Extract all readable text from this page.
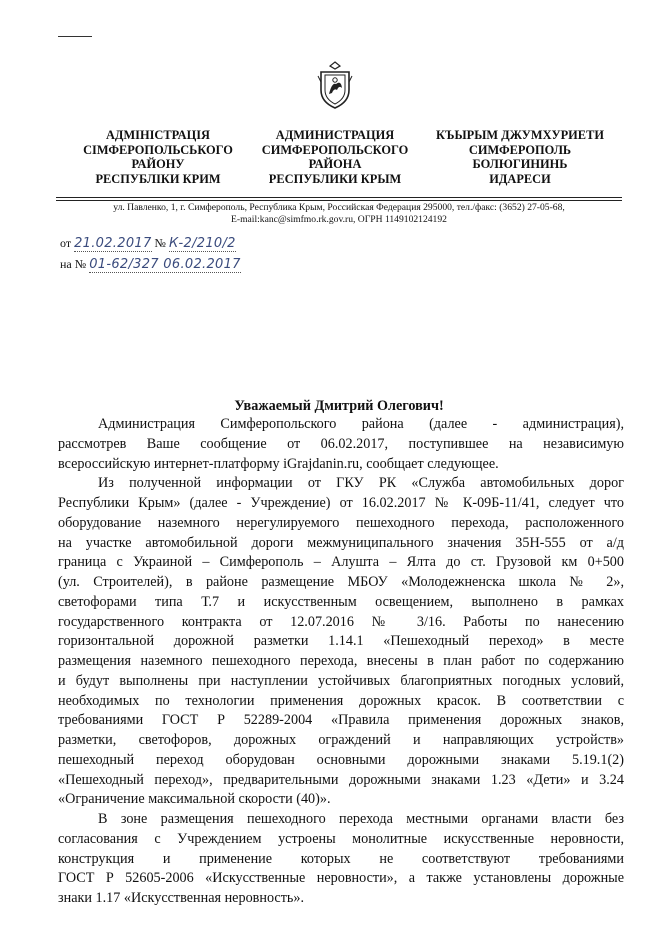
АДМІНІСТРАЦІЯ
СІМФЕРОПОЛЬСЬКОГО
РАЙОНУ
РЕСПУБЛІКИ КРИМ
АДМИНИСТРАЦИЯ
СИМФЕРОПОЛЬСКОГО
РАЙОНА
РЕСПУБЛИКИ КРЫМ
КЪЫРЫМ ДЖУМХУРИЕТИ
СИМФЕРОПОЛЬ
БОЛЮГИНИНЬ
ИДАРЕСИ
ул. Павленко, 1, г. Симферополь, Республика Крым, Российская Федерация 295000, тел./факс: (3652) 27-05-68,
E-mail:kanc@simfmo.rk.gov.ru, ОГРН 1149102124192
от 21.02.2017 № К-2/210/2
на № 01-62/327 06.02.2017
Уважаемый Дмитрий Олегович!
Администрация Симферопольского района (далее - администрация),
рассмотрев Ваше сообщение от 06.02.2017, поступившее на независимую
всероссийскую интернет-платформу iGrajdanin.ru, сообщает следующее.
Из полученной информации от ГКУ РК «Служба автомобильных дорог
Республики Крым» (далее - Учреждение) от 16.02.2017 № К-09Б-11/41, следует что
оборудование наземного нерегулируемого пешеходного перехода, расположенного
на участке автомобильной дороги межмуниципального значения 35Н-555 от а/д
граница с Украиной – Симферополь – Алушта – Ялта до ст. Грузовой км 0+500
(ул. Строителей), в районе размещение МБОУ «Молодежненска школа № 2»,
светофорами типа Т.7 и искусственным освещением, выполнено в рамках
государственного контракта от 12.07.2016 № 3/16. Работы по нанесению
горизонтальной дорожной разметки 1.14.1 «Пешеходный переход» в месте
размещения наземного пешеходного перехода, внесены в план работ по содержанию
и будут выполнены при наступлении устойчивых благоприятных погодных условий,
необходимых по технологии применения дорожных красок. В соответствии с
требованиями ГОСТ Р 52289-2004 «Правила применения дорожных знаков,
разметки, светофоров, дорожных ограждений и направляющих устройств»
пешеходный переход оборудован основными дорожными знаками 5.19.1(2)
«Пешеходный переход», предварительными дорожными знаками 1.23 «Дети» и 3.24
«Ограничение максимальной скорости (40)».
В зоне размещения пешеходного перехода местными органами власти без
согласования с Учреждением устроены монолитные искусственные неровности,
конструкция и применение которых не соответствуют требованиями
ГОСТ Р 52605-2006 «Искусственные неровности», а также установлены дорожные
знаки 1.17 «Искусственная неровность».
